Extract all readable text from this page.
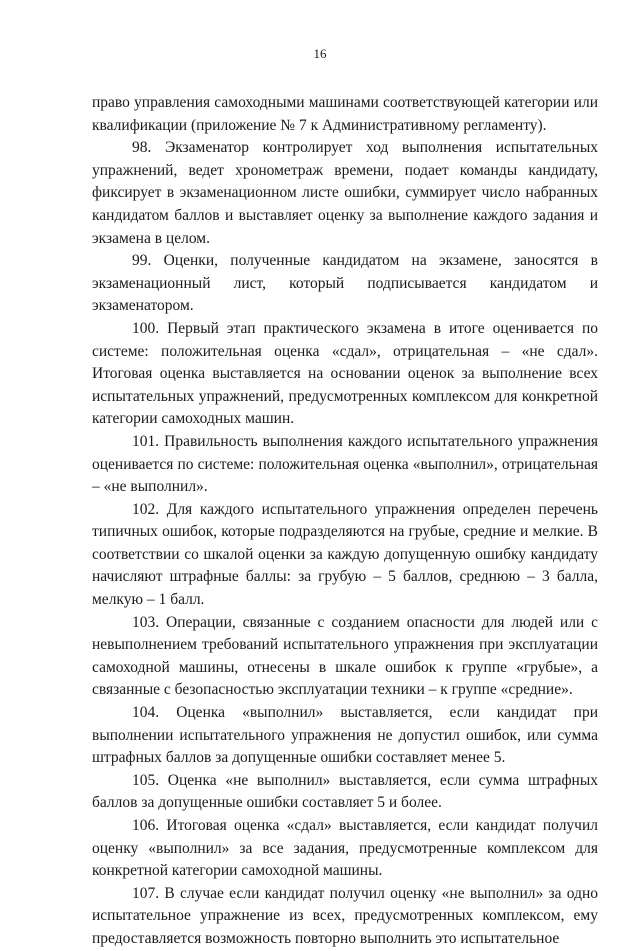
16

право управления самоходными машинами соответствующей категории или квалификации (приложение № 7 к Административному регламенту).

98. Экзаменатор контролирует ход выполнения испытательных упражнений, ведет хронометраж времени, подает команды кандидату, фиксирует в экзаменационном листе ошибки, суммирует число набранных кандидатом баллов и выставляет оценку за выполнение каждого задания и экзамена в целом.

99. Оценки, полученные кандидатом на экзамене, заносятся в экзаменационный лист, который подписывается кандидатом и экзаменатором.

100. Первый этап практического экзамена в итоге оценивается по системе: положительная оценка «сдал», отрицательная – «не сдал». Итоговая оценка выставляется на основании оценок за выполнение всех испытательных упражнений, предусмотренных комплексом для конкретной категории самоходных машин.

101. Правильность выполнения каждого испытательного упражнения оценивается по системе: положительная оценка «выполнил», отрицательная – «не выполнил».

102. Для каждого испытательного упражнения определен перечень типичных ошибок, которые подразделяются на грубые, средние и мелкие. В соответствии со шкалой оценки за каждую допущенную ошибку кандидату начисляют штрафные баллы: за грубую – 5 баллов, среднюю – 3 балла, мелкую – 1 балл.

103. Операции, связанные с созданием опасности для людей или с невыполнением требований испытательного упражнения при эксплуатации самоходной машины, отнесены в шкале ошибок к группе «грубые», а связанные с безопасностью эксплуатации техники – к группе «средние».

104. Оценка «выполнил» выставляется, если кандидат при выполнении испытательного упражнения не допустил ошибок, или сумма штрафных баллов за допущенные ошибки составляет менее 5.

105. Оценка «не выполнил» выставляется, если сумма штрафных баллов за допущенные ошибки составляет 5 и более.

106. Итоговая оценка «сдал» выставляется, если кандидат получил оценку «выполнил» за все задания, предусмотренные комплексом для конкретной категории самоходной машины.

107. В случае если кандидат получил оценку «не выполнил» за одно испытательное упражнение из всех, предусмотренных комплексом, ему предоставляется возможность повторно выполнить это испытательное
